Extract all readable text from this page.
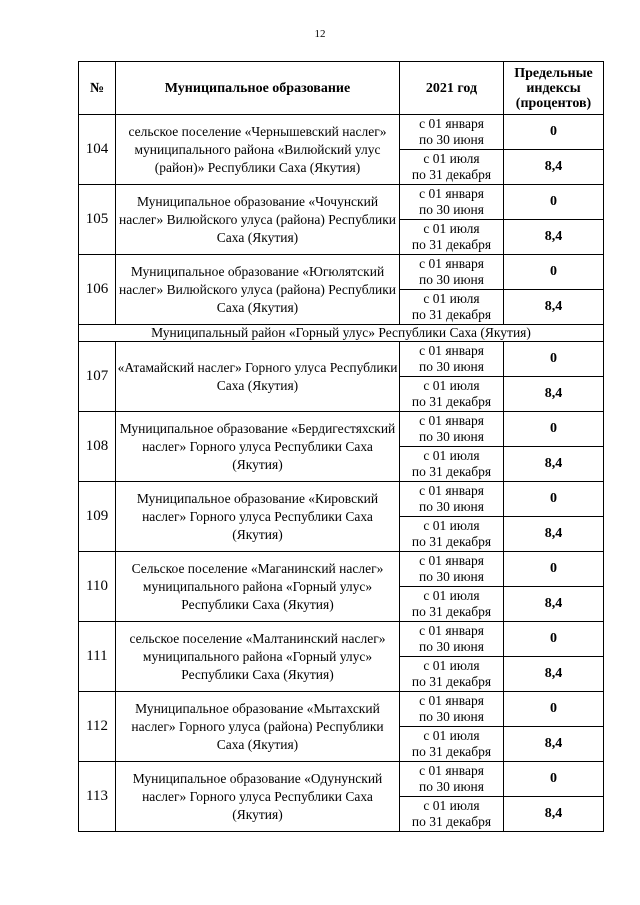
12
№	Муниципальное образование	2021 год	Предельные
индексы
(процентов)

104	сельское поселение «Чернышевский наслег» муниципального района «Вилюйский улус (район)» Республики Саха (Якутия)	с 01 января
по 30 июня	0

		с 01 июля
по 31 декабря	8,4
105	Муниципальное образование «Чочунский наслег» Вилюйского улуса (района) Республики Саха (Якутия)	с 01 января
по 30 июня	0

		с 01 июля
по 31 декабря	8,4
106	Муниципальное образование «Югюлятский наслег» Вилюйского улуса (района) Республики Саха (Якутия)	с 01 января
по 30 июня	0

		с 01 июля
по 31 декабря	8,4
Муниципальный район «Горный улус» Республики Саха (Якутия)			
107	«Атамайский наслег» Горного улуса Республики Саха (Якутия)	с 01 января
по 30 июня	0

		с 01 июля
по 31 декабря	8,4
108	Муниципальное образование «Бердигестяхский наслег» Горного улуса Республики Саха (Якутия)	с 01 января
по 30 июня	0

		с 01 июля
по 31 декабря	8,4
109	Муниципальное образование «Кировский наслег» Горного улуса Республики Саха (Якутия)	с 01 января
по 30 июня	0

		с 01 июля
по 31 декабря	8,4
110	Сельское поселение «Маганинский наслег» муниципального района «Горный улус» Республики Саха (Якутия)	с 01 января
по 30 июня	0

		с 01 июля
по 31 декабря	8,4
111	сельское поселение «Малтанинский наслег» муниципального района «Горный улус» Республики Саха (Якутия)	с 01 января
по 30 июня	0

		с 01 июля
по 31 декабря	8,4
112	Муниципальное образование «Мытахский наслег» Горного улуса (района) Республики Саха (Якутия)	с 01 января
по 30 июня	0

		с 01 июля
по 31 декабря	8,4
113	Муниципальное образование «Одунунский наслег» Горного улуса Республики Саха (Якутия)	с 01 января
по 30 июня	0

		с 01 июля
по 31 декабря	8,4
